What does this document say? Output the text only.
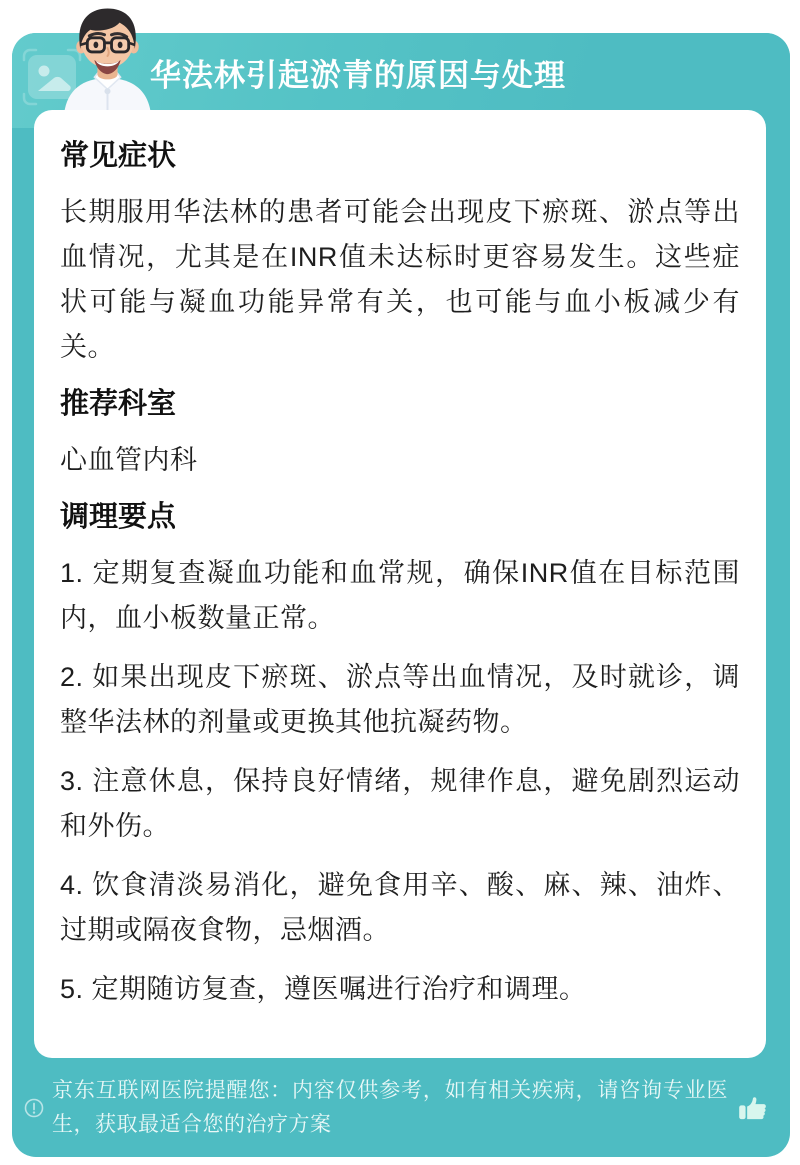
华法林引起淤青的原因与处理
常见症状

长期服用华法林的患者可能会出现皮下瘀斑、淤点等出血情况，尤其是在INR值未达标时更容易发生。这些症状可能与凝血功能异常有关，也可能与血小板减少有关。

推荐科室

心血管内科

调理要点

1. 定期复查凝血功能和血常规，确保INR值在目标范围内，血小板数量正常。

2. 如果出现皮下瘀斑、淤点等出血情况，及时就诊，调整华法林的剂量或更换其他抗凝药物。

3. 注意休息，保持良好情绪，规律作息，避免剧烈运动和外伤。

4. 饮食清淡易消化，避免食用辛、酸、麻、辣、油炸、过期或隔夜食物，忌烟酒。

5. 定期随访复查，遵医嘱进行治疗和调理。

京东互联网医院提醒您：内容仅供参考，如有相关疾病，请咨询专业医生，获取最适合您的治疗方案
